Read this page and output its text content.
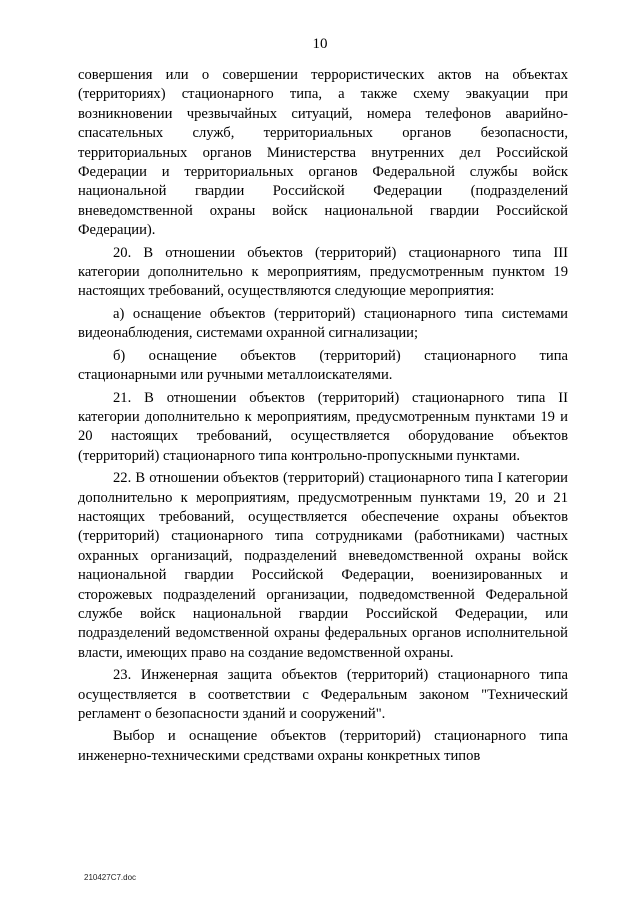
10

совершения или о совершении террористических актов на объектах (территориях) стационарного типа, а также схему эвакуации при возникновении чрезвычайных ситуаций, номера телефонов аварийно-спасательных служб, территориальных органов безопасности, территориальных органов Министерства внутренних дел Российской Федерации и территориальных органов Федеральной службы войск национальной гвардии Российской Федерации (подразделений вневедомственной охраны войск национальной гвардии Российской Федерации).

20. В отношении объектов (территорий) стационарного типа III категории дополнительно к мероприятиям, предусмотренным пунктом 19 настоящих требований, осуществляются следующие мероприятия:

а) оснащение объектов (территорий) стационарного типа системами видеонаблюдения, системами охранной сигнализации;

б) оснащение объектов (территорий) стационарного типа стационарными или ручными металлоискателями.

21. В отношении объектов (территорий) стационарного типа II категории дополнительно к мероприятиям, предусмотренным пунктами 19 и 20 настоящих требований, осуществляется оборудование объектов (территорий) стационарного типа контрольно-пропускными пунктами.

22. В отношении объектов (территорий) стационарного типа I категории дополнительно к мероприятиям, предусмотренным пунктами 19, 20 и 21 настоящих требований, осуществляется обеспечение охраны объектов (территорий) стационарного типа сотрудниками (работниками) частных охранных организаций, подразделений вневедомственной охраны войск национальной гвардии Российской Федерации, военизированных и сторожевых подразделений организации, подведомственной Федеральной службе войск национальной гвардии Российской Федерации, или подразделений ведомственной охраны федеральных органов исполнительной власти, имеющих право на создание ведомственной охраны.

23. Инженерная защита объектов (территорий) стационарного типа осуществляется в соответствии с Федеральным законом "Технический регламент о безопасности зданий и сооружений".

Выбор и оснащение объектов (территорий) стационарного типа инженерно-техническими средствами охраны конкретных типов

210427С7.doc
